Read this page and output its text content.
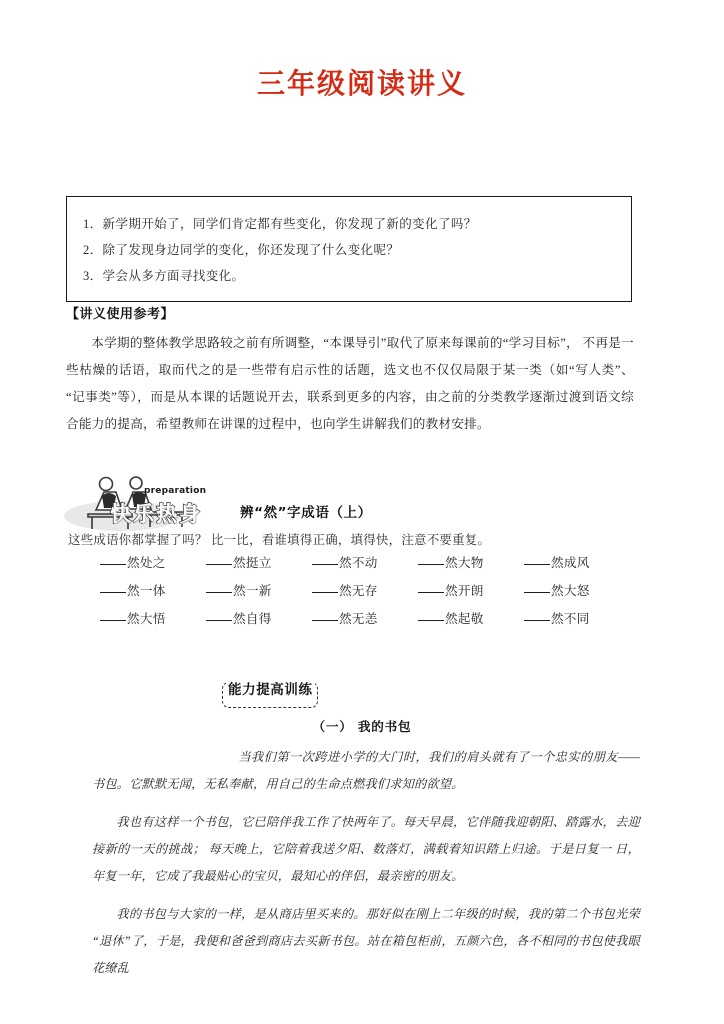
三年级阅读讲义
1．新学期开始了，同学们肯定都有些变化，你发现了新的变化了吗？
2．除了发现身边同学的变化，你还发现了什么变化呢？
3．学会从多方面寻找变化。
【讲义使用参考】
本学期的整体教学思路较之前有所调整，“本课导引”取代了原来每课前的“学习目标”， 不再是一些枯燥的话语，取而代之的是一些带有启示性的话题，选文也不仅仅局限于某一类（如“写人类”、“记事类”等），而是从本课的话题说开去，联系到更多的内容，由之前的分类教学逐渐过渡到语文综合能力的提高，希望教师在讲课的过程中，也向学生讲解我们的教材安排。
preparation
快乐热身	辨“然”字成语（上）
这些成语你都掌握了吗？ 比一比，看谁填得正确，填得快，注意不要重复。
然处之	然挺立	然不动	然大物	然成风
然一体	然一新	然无存	然开朗	然大怒
然大悟	然自得	然无恙	然起敬	然不同
能力提高训练
（一） 我的书包

当我们第一次跨进小学的大门时，我们的肩头就有了一个忠实的朋友——书包。它默默无闻，无私奉献，用自己的生命点燃我们求知的欲望。

我也有这样一个书包，它已陪伴我工作了快两年了。每天早晨，它伴随我迎朝阳、踏露水，去迎接新的一天的挑战； 每天晚上，它陪着我送夕阳、数落灯，满载着知识踏上归途。于是日复一 日，年复一年，它成了我最贴心的宝贝，最知心的伴侣，最亲密的朋友。

我的书包与大家的一样，是从商店里买来的。那好似在刚上二年级的时候，我的第二个书包光荣“退休”了，于是，我便和爸爸到商店去买新书包。站在箱包柜前，五颜六色，各不相同的书包使我眼花缭乱
